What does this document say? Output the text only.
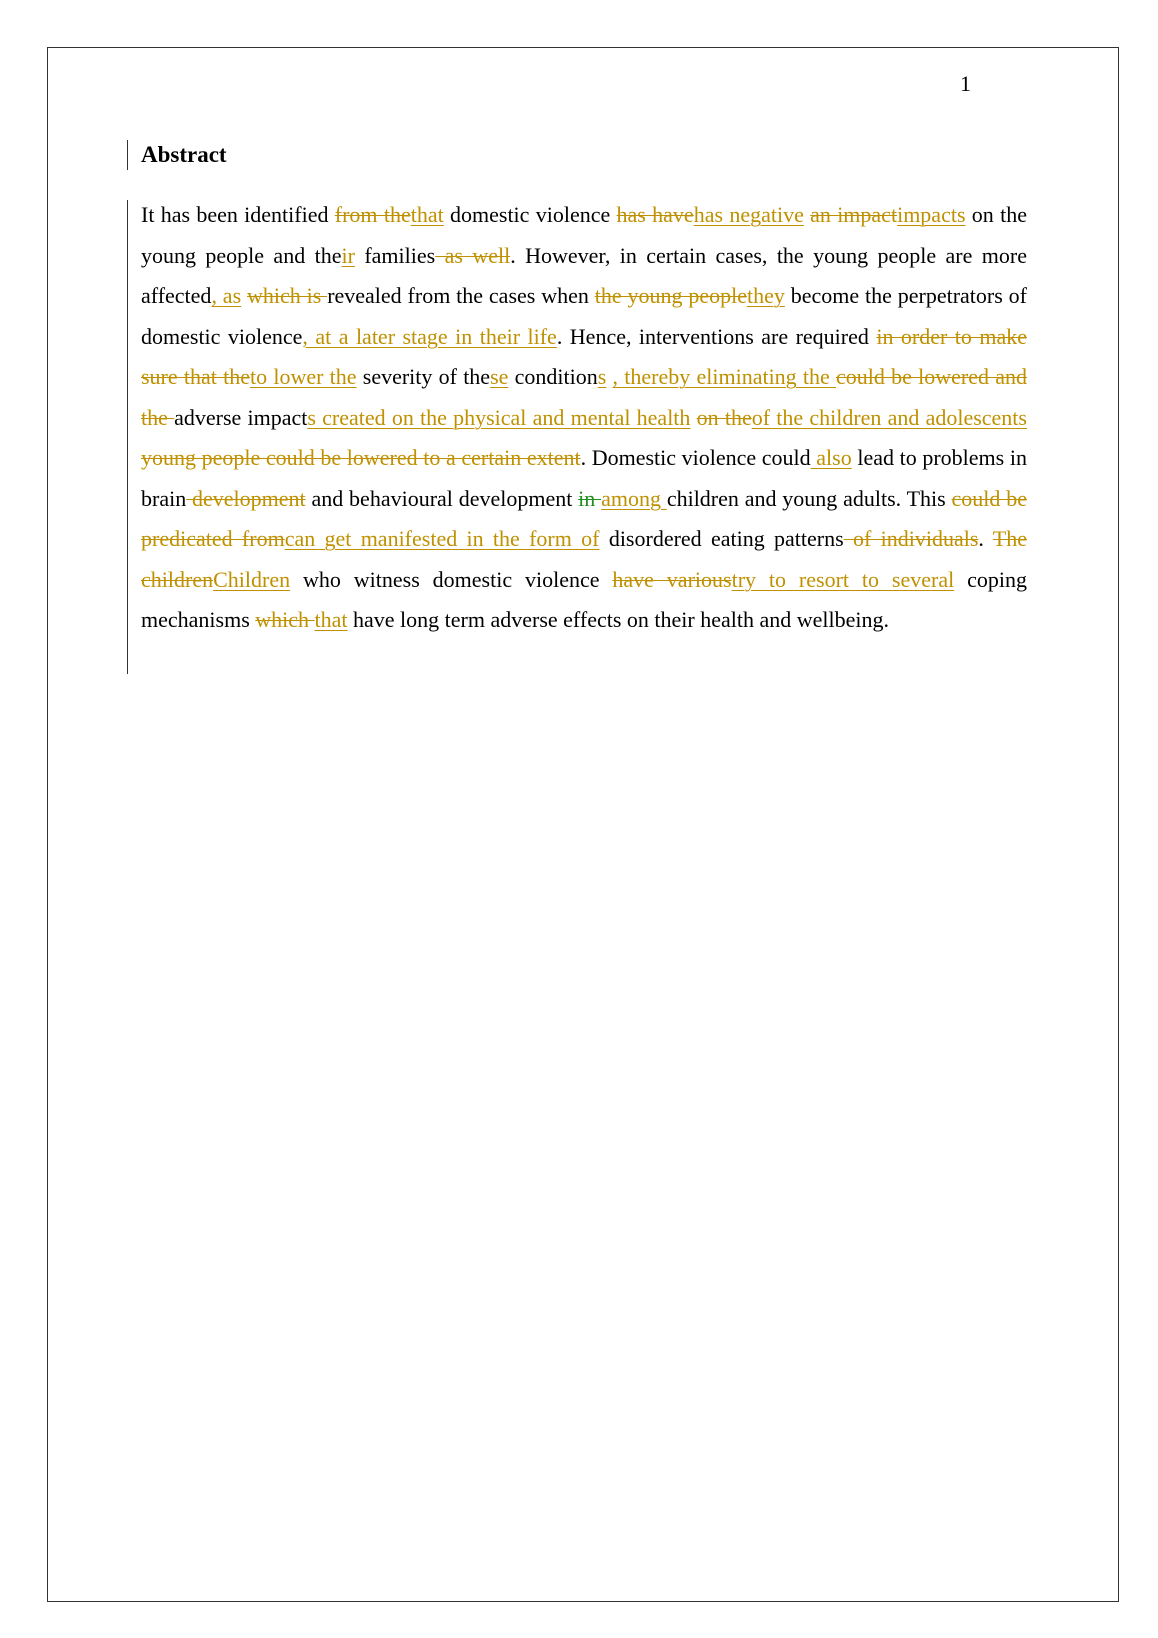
1
Abstract

It has been identified from thethat domestic violence has havehas negative an impactimpacts on the young people and their families as well. However, in certain cases, the young people are more affected, as which is revealed from the cases when the young peoplethey become the perpetrators of domestic violence, at a later stage in their life. Hence, interventions are required in order to make sure that theto lower the severity of these conditions , thereby eliminating the could be lowered and the adverse impacts created on the physical and mental health on theof the children and adolescents young people could be lowered to a certain extent. Domestic violence could also lead to problems in brain development and behavioural development in among children and young adults. This could be predicated fromcan get manifested in the form of disordered eating patterns of individuals. The childrenChildren who witness domestic violence have varioustry to resort to several coping mechanisms which that have long term adverse effects on their health and wellbeing.
